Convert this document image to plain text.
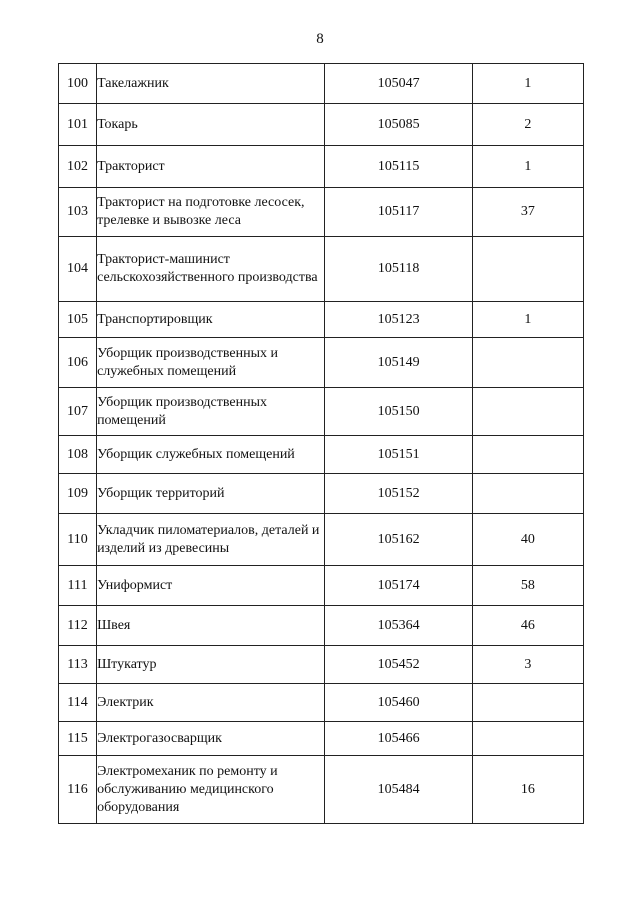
8
100	Такелажник	105047	1
101	Токарь	105085	2
102	Тракторист	105115	1
103	Тракторист на подготовке лесосек, трелевке и вывозке леса	105117	37
104	Тракторист-машинист сельскохозяйственного производства	105118	
105	Транспортировщик	105123	1
106	Уборщик производственных и служебных помещений	105149	
107	Уборщик производственных помещений	105150	
108	Уборщик служебных помещений	105151	
109	Уборщик территорий	105152	
110	Укладчик пиломатериалов, деталей и изделий из древесины	105162	40
111	Униформист	105174	58
112	Швея	105364	46
113	Штукатур	105452	3
114	Электрик	105460	
115	Электрогазосварщик	105466	
116	Электромеханик по ремонту и обслуживанию медицинского оборудования	105484	16
